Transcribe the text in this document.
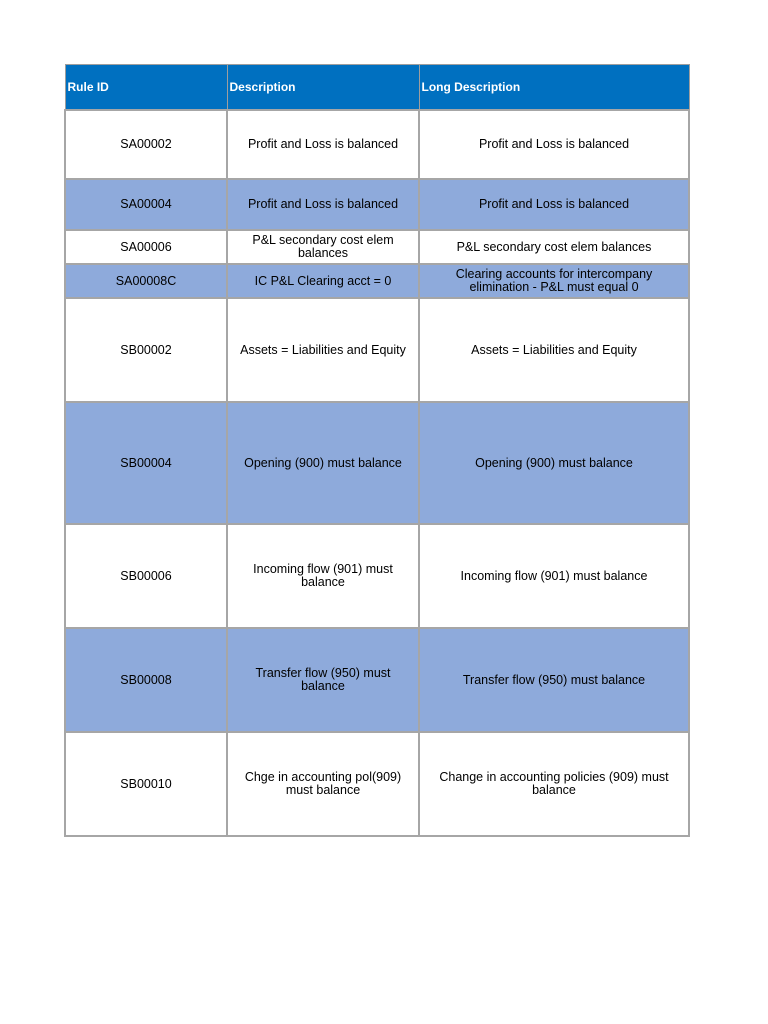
Rule ID	Description	Long Description
SA00002	Profit and Loss is balanced	Profit and Loss is balanced
SA00004	Profit and Loss is balanced	Profit and Loss is balanced
SA00006	P&L secondary cost elem balances	P&L secondary cost elem balances
SA00008C	IC P&L Clearing acct = 0	Clearing accounts for intercompany elimination - P&L must equal 0
SB00002	Assets = Liabilities and Equity	Assets = Liabilities and Equity
SB00004	Opening (900) must balance	Opening (900) must balance
SB00006	Incoming flow (901) must balance	Incoming flow (901) must balance
SB00008	Transfer flow (950) must balance	Transfer flow (950) must balance
SB00010	Chge in accounting pol(909) must balance	Change in accounting policies (909) must balance
